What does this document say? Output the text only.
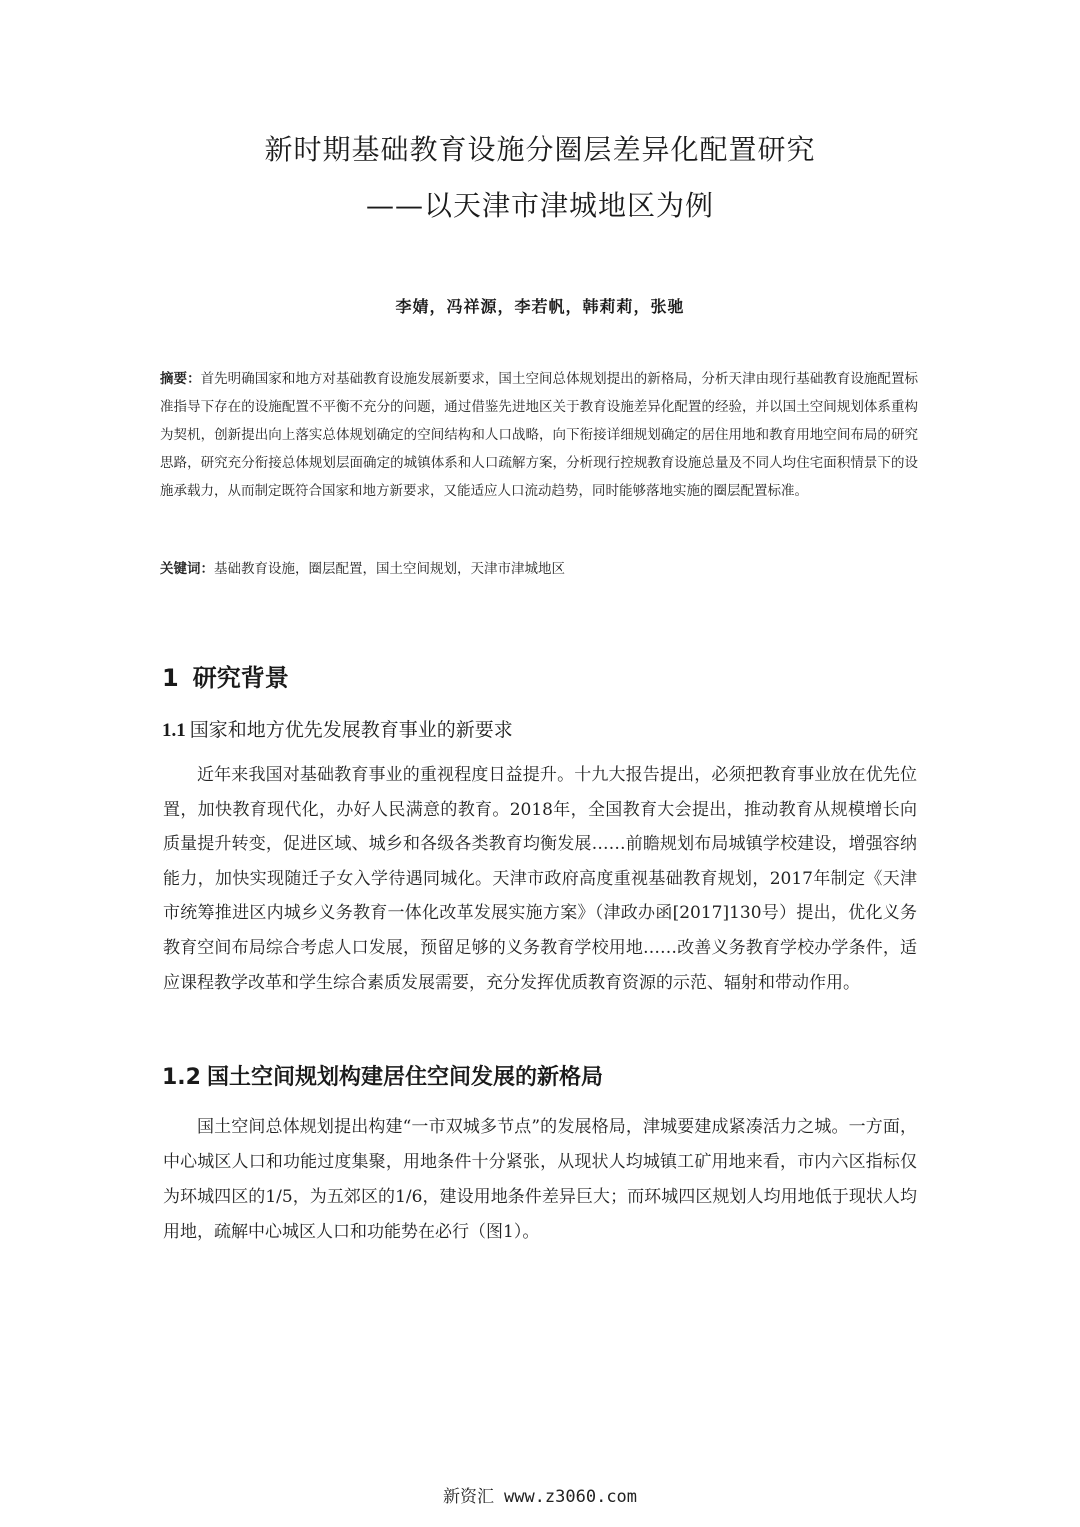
新时期基础教育设施分圈层差异化配置研究
——以天津市津城地区为例
李婧，冯祥源，李若帆，韩莉莉，张驰
摘要：首先明确国家和地方对基础教育设施发展新要求，国土空间总体规划提出的新格局，分析天津由现行基础教育设施配置标准指导下存在的设施配置不平衡不充分的问题，通过借鉴先进地区关于教育设施差异化配置的经验，并以国土空间规划体系重构为契机，创新提出向上落实总体规划确定的空间结构和人口战略，向下衔接详细规划确定的居住用地和教育用地空间布局的研究思路，研究充分衔接总体规划层面确定的城镇体系和人口疏解方案，分析现行控规教育设施总量及不同人均住宅面积情景下的设施承载力，从而制定既符合国家和地方新要求，又能适应人口流动趋势，同时能够落地实施的圈层配置标准。
关键词：基础教育设施，圈层配置，国土空间规划，天津市津城地区
1 研究背景
1.1 国家和地方优先发展教育事业的新要求
近年来我国对基础教育事业的重视程度日益提升。十九大报告提出，必须把教育事业放在优先位置，加快教育现代化，办好人民满意的教育。2018年，全国教育大会提出，推动教育从规模增长向质量提升转变，促进区域、城乡和各级各类教育均衡发展……前瞻规划布局城镇学校建设，增强容纳能力，加快实现随迁子女入学待遇同城化。天津市政府高度重视基础教育规划，2017年制定《天津市统筹推进区内城乡义务教育一体化改革发展实施方案》（津政办函[2017]130号）提出，优化义务教育空间布局综合考虑人口发展，预留足够的义务教育学校用地……改善义务教育学校办学条件，适应课程教学改革和学生综合素质发展需要，充分发挥优质教育资源的示范、辐射和带动作用。
1.2 国土空间规划构建居住空间发展的新格局
国土空间总体规划提出构建“一市双城多节点”的发展格局，津城要建成紧凑活力之城。一方面，中心城区人口和功能过度集聚，用地条件十分紧张，从现状人均城镇工矿用地来看，市内六区指标仅为环城四区的1/5，为五郊区的1/6，建设用地条件差异巨大；而环城四区规划人均用地低于现状人均用地，疏解中心城区人口和功能势在必行（图1）。
新资汇 www.z3060.com
